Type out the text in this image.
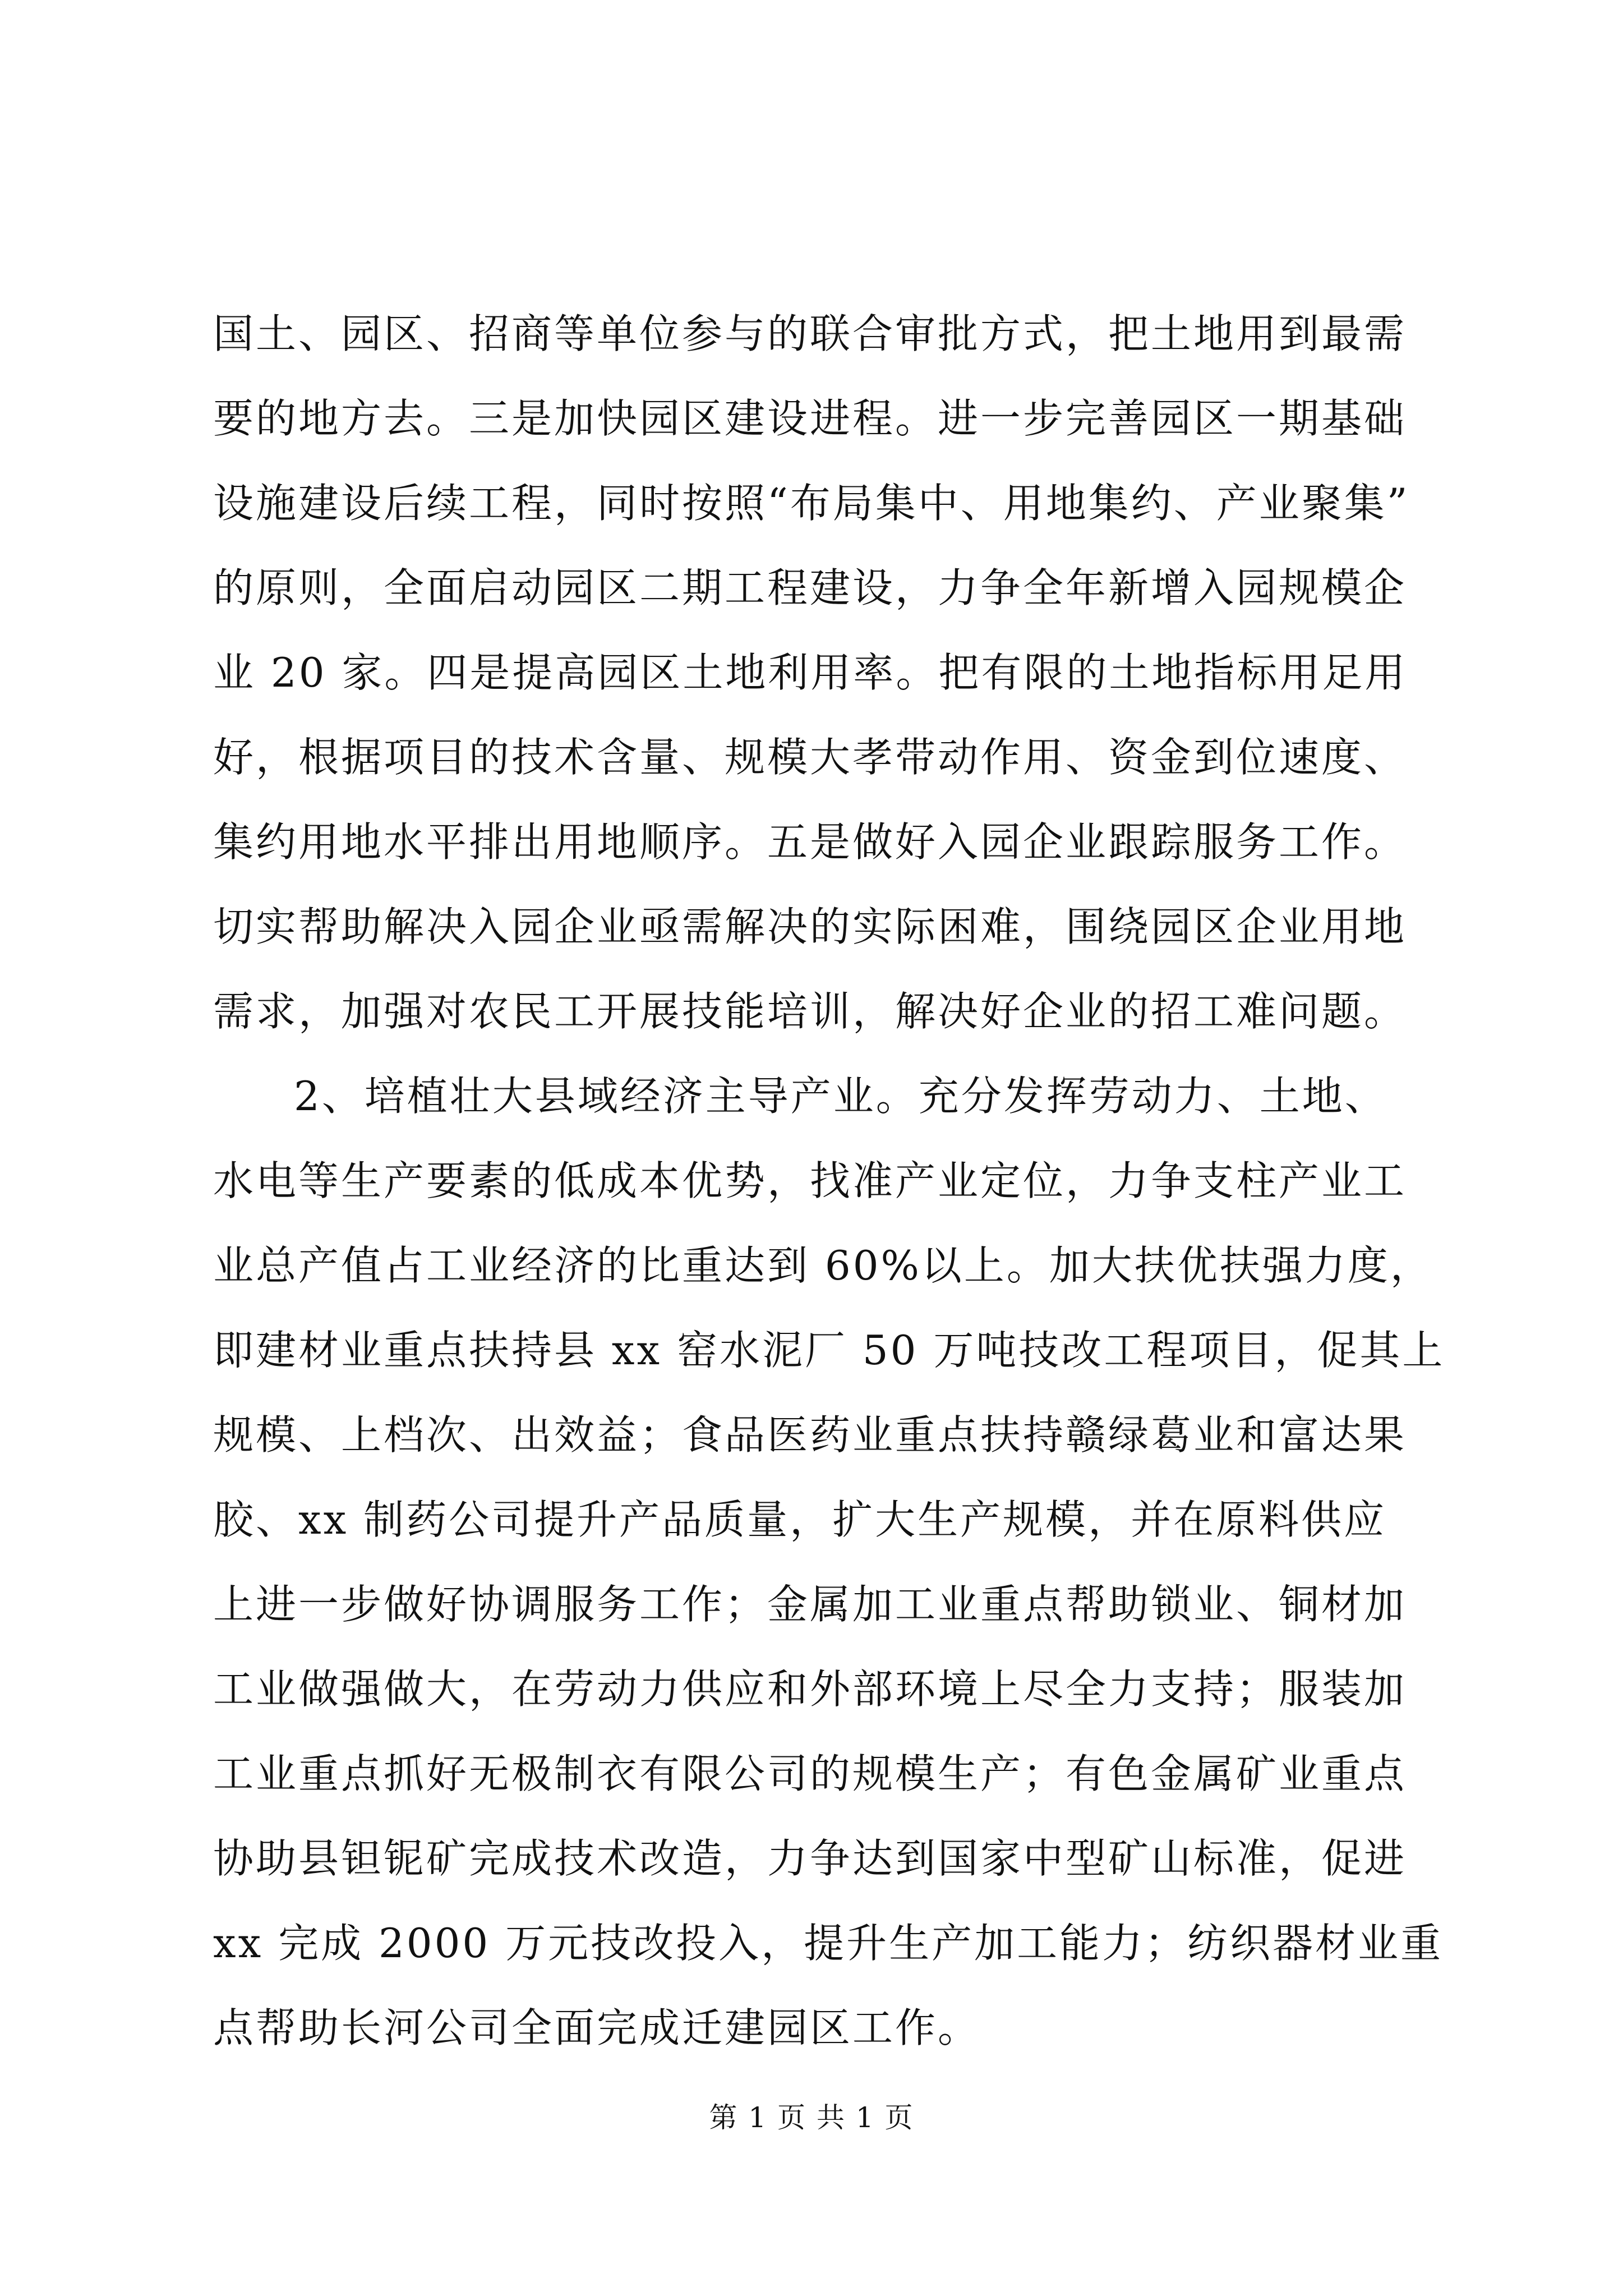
国土、园区、招商等单位参与的联合审批方式，把土地用到最需
要的地方去。三是加快园区建设进程。进一步完善园区一期基础
设施建设后续工程，同时按照“布局集中、用地集约、产业聚集”
的原则，全面启动园区二期工程建设，力争全年新增入园规模企
业 20 家。四是提高园区土地利用率。把有限的土地指标用足用
好，根据项目的技术含量、规模大孝带动作用、资金到位速度、
集约用地水平排出用地顺序。五是做好入园企业跟踪服务工作。
切实帮助解决入园企业亟需解决的实际困难，围绕园区企业用地
需求，加强对农民工开展技能培训，解决好企业的招工难问题。
2、培植壮大县域经济主导产业。充分发挥劳动力、土地、
水电等生产要素的低成本优势，找准产业定位，力争支柱产业工
业总产值占工业经济的比重达到 60%以上。加大扶优扶强力度，
即建材业重点扶持县 xx 窑水泥厂 50 万吨技改工程项目，促其上
规模、上档次、出效益；食品医药业重点扶持赣绿葛业和富达果
胶、xx 制药公司提升产品质量，扩大生产规模，并在原料供应
上进一步做好协调服务工作；金属加工业重点帮助锁业、铜材加
工业做强做大，在劳动力供应和外部环境上尽全力支持；服装加
工业重点抓好无极制衣有限公司的规模生产；有色金属矿业重点
协助县钽铌矿完成技术改造，力争达到国家中型矿山标准，促进
xx 完成 2000 万元技改投入，提升生产加工能力；纺织器材业重
点帮助长河公司全面完成迁建园区工作。
第 1 页 共 1 页
